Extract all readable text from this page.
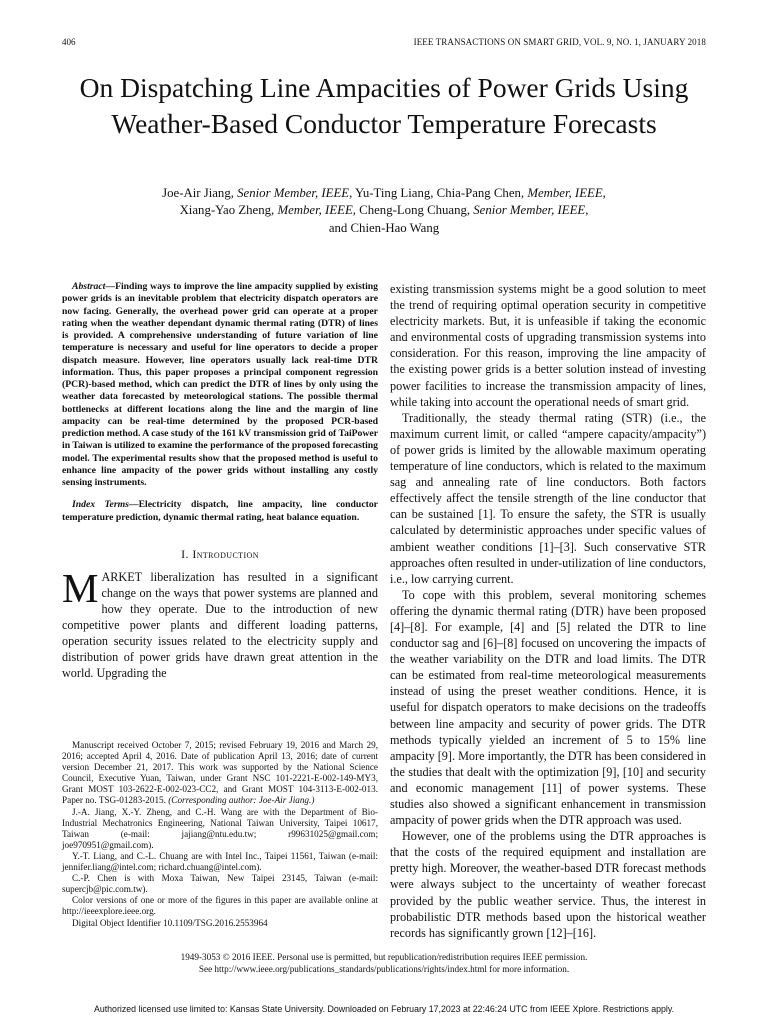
406	IEEE TRANSACTIONS ON SMART GRID, VOL. 9, NO. 1, JANUARY 2018
On Dispatching Line Ampacities of Power Grids Using Weather-Based Conductor Temperature Forecasts
Joe-Air Jiang, Senior Member, IEEE, Yu-Ting Liang, Chia-Pang Chen, Member, IEEE,
Xiang-Yao Zheng, Member, IEEE, Cheng-Long Chuang, Senior Member, IEEE,
and Chien-Hao Wang

Abstract—Finding ways to improve the line ampacity supplied by existing power grids is an inevitable problem that electricity dispatch operators are now facing. Generally, the overhead power grid can operate at a proper rating when the weather dependant dynamic thermal rating (DTR) of lines is provided. A comprehensive understanding of future variation of line temperature is necessary and useful for line operators to decide a proper dispatch measure. However, line operators usually lack real-time DTR information. Thus, this paper proposes a principal component regression (PCR)-based method, which can predict the DTR of lines by only using the weather data forecasted by meteorological stations. The possible thermal bottlenecks at different locations along the line and the margin of line ampacity can be real-time determined by the proposed PCR-based prediction method. A case study of the 161 kV transmission grid of TaiPower in Taiwan is utilized to examine the performance of the proposed forecasting model. The experimental results show that the proposed method is useful to enhance line ampacity of the power grids without installing any costly sensing instruments.

Index Terms—Electricity dispatch, line ampacity, line conductor temperature prediction, dynamic thermal rating, heat balance equation.

I. Introduction

MARKET liberalization has resulted in a significant change on the ways that power systems are planned and how they operate. Due to the introduction of new competitive power plants and different loading patterns, operation security issues related to the electricity supply and distribution of power grids have drawn great attention in the world. Upgrading the

Manuscript received October 7, 2015; revised February 19, 2016 and March 29, 2016; accepted April 4, 2016. Date of publication April 13, 2016; date of current version December 21, 2017. This work was supported by the National Science Council, Executive Yuan, Taiwan, under Grant NSC 101-2221-E-002-149-MY3, Grant MOST 103-2622-E-002-023-CC2, and Grant MOST 104-3113-E-002-013. Paper no. TSG-01283-2015. (Corresponding author: Joe-Air Jiang.)

J.-A. Jiang, X.-Y. Zheng, and C.-H. Wang are with the Department of Bio-Industrial Mechatronics Engineering, National Taiwan University, Taipei 10617, Taiwan (e-mail: jajiang@ntu.edu.tw; r99631025@gmail.com; joe970951@gmail.com).

Y.-T. Liang, and C.-L. Chuang are with Intel Inc., Taipei 11561, Taiwan (e-mail: jennifer.liang@intel.com; richard.chuang@intel.com).

C.-P. Chen is with Moxa Taiwan, New Taipei 23145, Taiwan (e-mail: supercjb@pic.com.tw).

Color versions of one or more of the figures in this paper are available online at http://ieeexplore.ieee.org.

Digital Object Identifier 10.1109/TSG.2016.2553964

existing transmission systems might be a good solution to meet the trend of requiring optimal operation security in competitive electricity markets. But, it is unfeasible if taking the economic and environmental costs of upgrading transmission systems into consideration. For this reason, improving the line ampacity of the existing power grids is a better solution instead of investing power facilities to increase the transmission ampacity of lines, while taking into account the operational needs of smart grid.

Traditionally, the steady thermal rating (STR) (i.e., the maximum current limit, or called “ampere capacity/ampacity”) of power grids is limited by the allowable maximum operating temperature of line conductors, which is related to the maximum sag and annealing rate of line conductors. Both factors effectively affect the tensile strength of the line conductor that can be sustained [1]. To ensure the safety, the STR is usually calculated by deterministic approaches under specific values of ambient weather conditions [1]–[3]. Such conservative STR approaches often resulted in under-utilization of line conductors, i.e., low carrying current.

To cope with this problem, several monitoring schemes offering the dynamic thermal rating (DTR) have been proposed [4]–[8]. For example, [4] and [5] related the DTR to line conductor sag and [6]–[8] focused on uncovering the impacts of the weather variability on the DTR and load limits. The DTR can be estimated from real-time meteorological measurements instead of using the preset weather conditions. Hence, it is useful for dispatch operators to make decisions on the tradeoffs between line ampacity and security of power grids. The DTR methods typically yielded an increment of 5 to 15% line ampacity [9]. More importantly, the DTR has been considered in the studies that dealt with the optimization [9], [10] and security and economic management [11] of power systems. These studies also showed a significant enhancement in transmission ampacity of power grids when the DTR approach was used.

However, one of the problems using the DTR approaches is that the costs of the required equipment and installation are pretty high. Moreover, the weather-based DTR forecast methods were always subject to the uncertainty of weather forecast provided by the public weather service. Thus, the interest in probabilistic DTR methods based upon the historical weather records has significantly grown [12]–[16].

1949-3053 © 2016 IEEE. Personal use is permitted, but republication/redistribution requires IEEE permission.
See http://www.ieee.org/publications_standards/publications/rights/index.html for more information.
Authorized licensed use limited to: Kansas State University. Downloaded on February 17,2023 at 22:46:24 UTC from IEEE Xplore. Restrictions apply.
